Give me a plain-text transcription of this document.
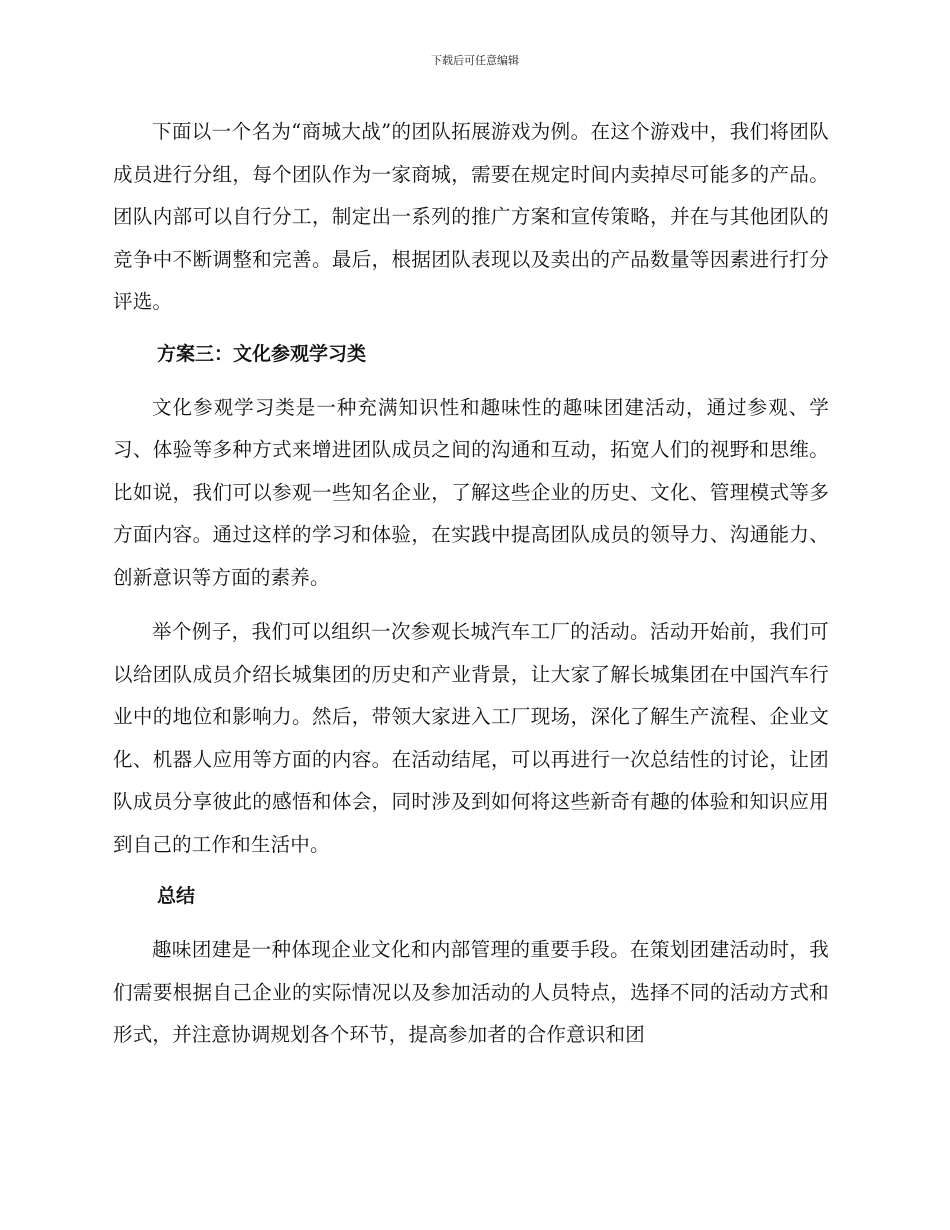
下载后可任意编辑

下面以一个名为“商城大战”的团队拓展游戏为例。在这个游戏中，我们将团队成员进行分组，每个团队作为一家商城，需要在规定时间内卖掉尽可能多的产品。团队内部可以自行分工，制定出一系列的推广方案和宣传策略，并在与其他团队的竞争中不断调整和完善。最后，根据团队表现以及卖出的产品数量等因素进行打分评选。

方案三：文化参观学习类

文化参观学习类是一种充满知识性和趣味性的趣味团建活动，通过参观、学习、体验等多种方式来增进团队成员之间的沟通和互动，拓宽人们的视野和思维。比如说，我们可以参观一些知名企业，了解这些企业的历史、文化、管理模式等多方面内容。通过这样的学习和体验，在实践中提高团队成员的领导力、沟通能力、创新意识等方面的素养。

举个例子，我们可以组织一次参观长城汽车工厂的活动。活动开始前，我们可以给团队成员介绍长城集团的历史和产业背景，让大家了解长城集团在中国汽车行业中的地位和影响力。然后，带领大家进入工厂现场，深化了解生产流程、企业文化、机器人应用等方面的内容。在活动结尾，可以再进行一次总结性的讨论，让团队成员分享彼此的感悟和体会，同时涉及到如何将这些新奇有趣的体验和知识应用到自己的工作和生活中。

总结

趣味团建是一种体现企业文化和内部管理的重要手段。在策划团建活动时，我们需要根据自己企业的实际情况以及参加活动的人员特点，选择不同的活动方式和形式，并注意协调规划各个环节，提高参加者的合作意识和团
